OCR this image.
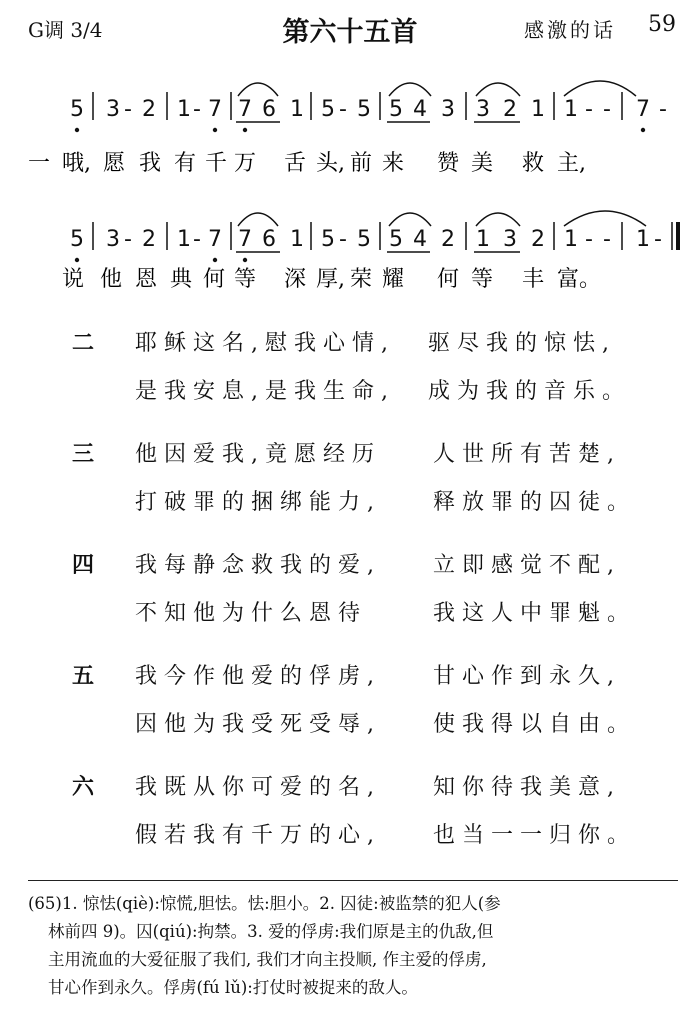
G调 3/4	第六十五首	感激的话 59
5 3 - 2 1 - 7 7 6 1 5 - 5 5 4 3 3 2 1 1 - - 7 -
一 哦, 愿 我 有 千 万 舌 头, 前 来 赞 美 救 主,
5 3 - 2 1 - 7 7 6 1 5 - 5 5 4 2 1 3 2 1 - - 1 -
说 他 恩 典 何 等 深 厚, 荣 耀 何 等 丰 富。
二 耶稣这名,慰我心情, 驱尽我的惊怯,
是我安息,是我生命, 成为我的音乐。
三 他因爱我,竟愿经历 人世所有苦楚,
打破罪的捆绑能力, 释放罪的囚徒。
四 我每静念救我的爱, 立即感觉不配,
不知他为什么恩待	我这人中罪魁。
五 我今作他爱的俘虏, 甘心作到永久,
因他为我受死受辱, 使我得以自由。
六 我既从你可爱的名, 知你待我美意,
假若我有千万的心, 也当一一归你。

(65)1. 惊怯(qiè):惊慌,胆怯。怯:胆小。2. 囚徒:被监禁的犯人(参

林前四 9)。囚(qiú):拘禁。3. 爱的俘虏:我们原是主的仇敌,但

主用流血的大爱征服了我们, 我们才向主投顺, 作主爱的俘虏,

甘心作到永久。俘虏(fú lǔ):打仗时被捉来的敌人。
